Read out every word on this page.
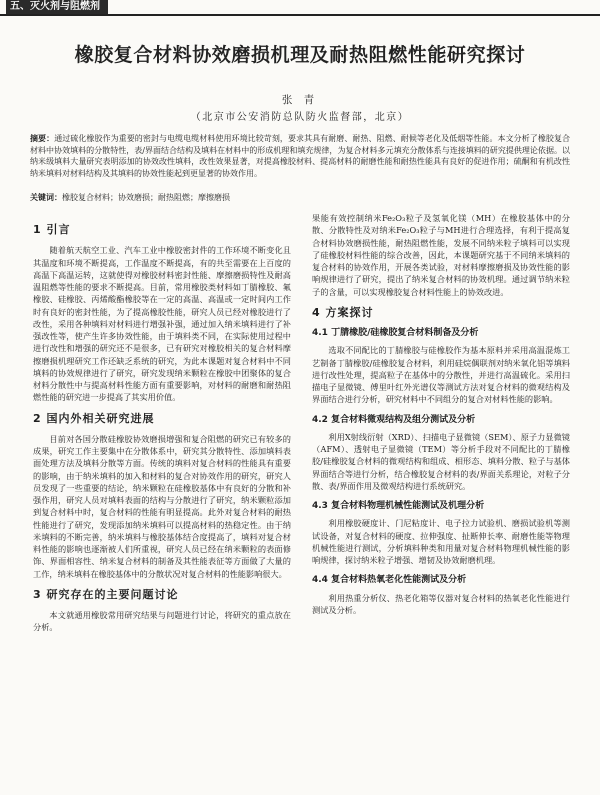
五、灭火剂与阻燃剂
橡胶复合材料协效磨损机理及耐热阻燃性能研究探讨
张 青
（北京市公安消防总队防火监督部，北京）
摘要：通过硫化橡胶作为重要的密封与电缆电缆材料使用环境比较苛刻，要求其具有耐磨、耐热、阻燃、耐候等老化及低烟等性能。本文分析了橡胶复合材料中协效填料的分散特性，表/界面结合结构及填料在材料中的形成机理和填充规律，为复合材料多元填充分散体系与连接填料的研究提供理论依据。以纳米级填料大量研究表明添加的协效改性填料，改性效果显著，对提高橡胶材料、提高材料的耐磨性能和耐热性能具有良好的促进作用；硫酮和有机改性纳米填料对材料结构及其填料的协效性能起到更显著的协效作用。
关键词：橡胶复合材料；协效磨损；耐热阻燃；摩擦磨损
1 引言

随着航天航空工业、汽车工业中橡胶密封件的工作环境不断变化且其温度和环境不断提高，工作温度不断提高，有的共至需要在上百度的高温下高温运转，这就使得对橡胶材料密封性能、摩擦磨损特性及耐高温阻燃等性能的要求不断提高。目前，常用橡胶类材料如丁腈橡胶、氟橡胶、硅橡胶、丙烯酸酯橡胶等在一定的高温、高温或一定时间内工作时有良好的密封性能，为了提高橡胶性能，研究人员已经对橡胶进行了改性，采用各种填料对材料进行增强补强，通过加入纳米填料进行了补强改性等，使产生许多协效性能，由于填料类不同，在实际使用过程中进行改性和增强的研究还不是很多，已有研究对橡胶相关的复合材料摩擦磨损机理研究工作还缺乏系统的研究，为此本课题对复合材料中不同填料的协效规律进行了研究，研究发现纳米颗粒在橡胶中团聚体的复合材料分散性中与提高材料性能方面有重要影响，对材料的耐磨和耐热阻燃性能的研究进一步提高了其实用价值。

2 国内外相关研究进展

目前对各国分散硅橡胶协效磨损增强和复合阻燃的研究已有较多的成果，研究工作主要集中在分散体系中，研究其分散特性、添加填料表面处理方法及填料分散等方面。传统的填料对复合材料的性能具有重要的影响，由于纳米填料的加入和材料的复合对协效作用的研究，研究人员发现了一些重要的结论，纳米颗粒在硅橡胶基体中有良好的分散和补强作用，研究人员对填料表面的结构与分散进行了研究，纳米颗粒添加到复合材料中时，复合材料的性能有明显提高。此外对复合材料的耐热性能进行了研究，发现添加纳米填料可以提高材料的热稳定性。由于纳米填料的不断完善，纳米填料与橡胶基体结合度提高了，填料对复合材料性能的影响也逐渐被人们所重视，研究人员已经在纳米颗粒的表面修饰、界面相容性、纳米复合材料的制备及其性能表征等方面做了大量的工作，纳米填料在橡胶基体中的分散状况对复合材料的性能影响很大。

3 研究存在的主要问题讨论

本文就通用橡胶常用研究结果与问题进行讨论，将研究的重点放在分析。

果能有效控制纳米Fe₂O₃粒子及氢氧化镁（MH）在橡胶基体中的分散、分散特性及对纳米Fe₂O₃粒子与MH进行合理选择，有利于提高复合材料协效磨损性能，耐热阻燃性能，发展不同纳米粒子填料可以实现了硅橡胶材料性能的综合改善，因此，本课题研究基于不同纳米填料的复合材料的协效作用，开展各类试验，对材料摩擦磨损及协效性能的影响规律进行了研究，提出了纳米复合材料的协效机理。通过调节纳米粒子的含量，可以实现橡胶复合材料性能上的协效改进。

4 方案探讨
4.1 丁腈橡胶/硅橡胶复合材料制备及分析

选取不同配比的丁腈橡胶与硅橡胶作为基本原料并采用高温混炼工艺制备丁腈橡胶/硅橡胶复合材料，利用硅烷偶联剂对纳米氧化铝等填料进行改性处理，提高粒子在基体中的分散性，并进行高温硫化。采用扫描电子显微镜、傅里叶红外光谱仪等测试方法对复合材料的微观结构及界面结合进行分析，研究材料中不同组分的复合对材料性能的影响。

4.2 复合材料微观结构及组分测试及分析

利用X射线衍射（XRD）、扫描电子显微镜（SEM）、原子力显微镜（AFM）、透射电子显微镜（TEM）等分析手段对不同配比的丁腈橡胶/硅橡胶复合材料的微观结构和组成、相形态、填料分散、粒子与基体界面结合等进行分析，结合橡胶复合材料的表/界面关系理论，对粒子分散、表/界面作用及微观结构进行系统研究。

4.3 复合材料物理机械性能测试及机理分析

利用橡胶硬度计、门尼粘度计、电子拉力试验机、磨损试验机等测试设备，对复合材料的硬度、拉伸强度、扯断伸长率、耐磨性能等物理机械性能进行测试，分析填料种类和用量对复合材料物理机械性能的影响规律，探讨纳米粒子增强、增韧及协效耐磨机理。

4.4 复合材料热氧老化性能测试及分析

利用热重分析仪、热老化箱等仪器对复合材料的热氧老化性能进行测试及分析。
